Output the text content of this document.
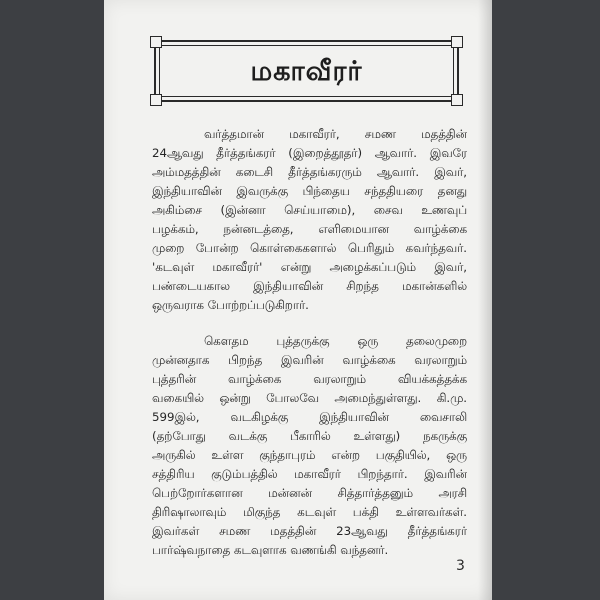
மகாவீரர்
வர்த்தமான் மகாவீரர், சமண மதத்தின்
24ஆவது தீர்த்தங்கரர் (இறைத்தூதர்) ஆவார். இவரே
அம்மதத்தின் கடைசி தீர்த்தங்கரரும் ஆவார். இவர்,
இந்தியாவின் இவருக்கு பிந்தைய சந்ததியரை தனது
அகிம்சை (இன்னா செய்யாமை), சைவ உணவுப்
பழக்கம், நன்னடத்தை, எளிமையான வாழ்க்கை
முறை போன்ற கொள்கைகளால் பெரிதும் கவர்ந்தவர்.
'கடவுள் மகாவீரர்' என்று அழைக்கப்படும் இவர்,
பண்டையகால இந்தியாவின் சிறந்த மகான்களில்
ஒருவராக போற்றப்படுகிறார்.
கௌதம புத்தருக்கு ஒரு தலைமுறை
முன்னதாக பிறந்த இவரின் வாழ்க்கை வரலாறும்
புத்தரின் வாழ்க்கை வரலாறும் வியக்கத்தக்க
வகையில் ஒன்று போலவே அமைந்துள்ளது. கி.மு.
599இல், வடகிழக்கு இந்தியாவின் வைசாலி
(தற்போது வடக்கு பீகாரில் உள்ளது) நகருக்கு
அருகில் உள்ள குந்தாபுரம் என்ற பகுதியில், ஒரு
சத்திரிய குடும்பத்தில் மகாவீரர் பிறந்தார். இவரின்
பெற்றோர்களான மன்னன் சித்தார்த்தனும் அரசி
திரிஷாலாவும் மிகுந்த கடவுள் பக்தி உள்ளவர்கள்.
இவர்கள் சமண மதத்தின் 23ஆவது தீர்த்தங்கரர்
பார்ஷ்வநாதை கடவுளாக வணங்கி வந்தனர்.
3
